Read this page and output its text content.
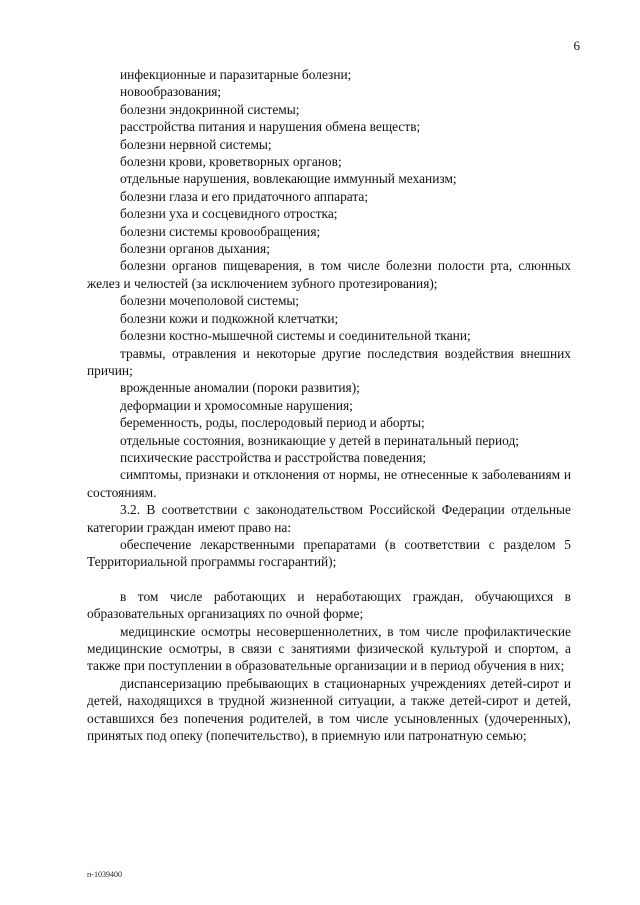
6

инфекционные и паразитарные болезни;

новообразования;

болезни эндокринной системы;

расстройства питания и нарушения обмена веществ;

болезни нервной системы;

болезни крови, кроветворных органов;

отдельные нарушения, вовлекающие иммунный механизм;

болезни глаза и его придаточного аппарата;

болезни уха и сосцевидного отростка;

болезни системы кровообращения;

болезни органов дыхания;

болезни органов пищеварения, в том числе болезни полости рта, слюнных желез и челюстей (за исключением зубного протезирования);

болезни мочеполовой системы;

болезни кожи и подкожной клетчатки;

болезни костно-мышечной системы и соединительной ткани;

травмы, отравления и некоторые другие последствия воздействия внешних причин;

врожденные аномалии (пороки развития);

деформации и хромосомные нарушения;

беременность, роды, послеродовый период и аборты;

отдельные состояния, возникающие у детей в перинатальный период;

психические расстройства и расстройства поведения;

симптомы, признаки и отклонения от нормы, не отнесенные к заболеваниям и состояниям.

3.2. В соответствии с законодательством Российской Федерации отдельные категории граждан имеют право на:

обеспечение лекарственными препаратами (в соответствии с разделом 5 Территориальной программы госгарантий);

в том числе работающих и неработающих граждан, обучающихся в образовательных организациях по очной форме;

медицинские осмотры несовершеннолетних, в том числе профилактические медицинские осмотры, в связи с занятиями физической культурой и спортом, а также при поступлении в образовательные организации и в период обучения в них;

диспансеризацию пребывающих в стационарных учреждениях детей-сирот и детей, находящихся в трудной жизненной ситуации, а также детей-сирот и детей, оставшихся без попечения родителей, в том числе усыновленных (удочеренных), принятых под опеку (попечительство), в приемную или патронатную семью;

п-1039400
